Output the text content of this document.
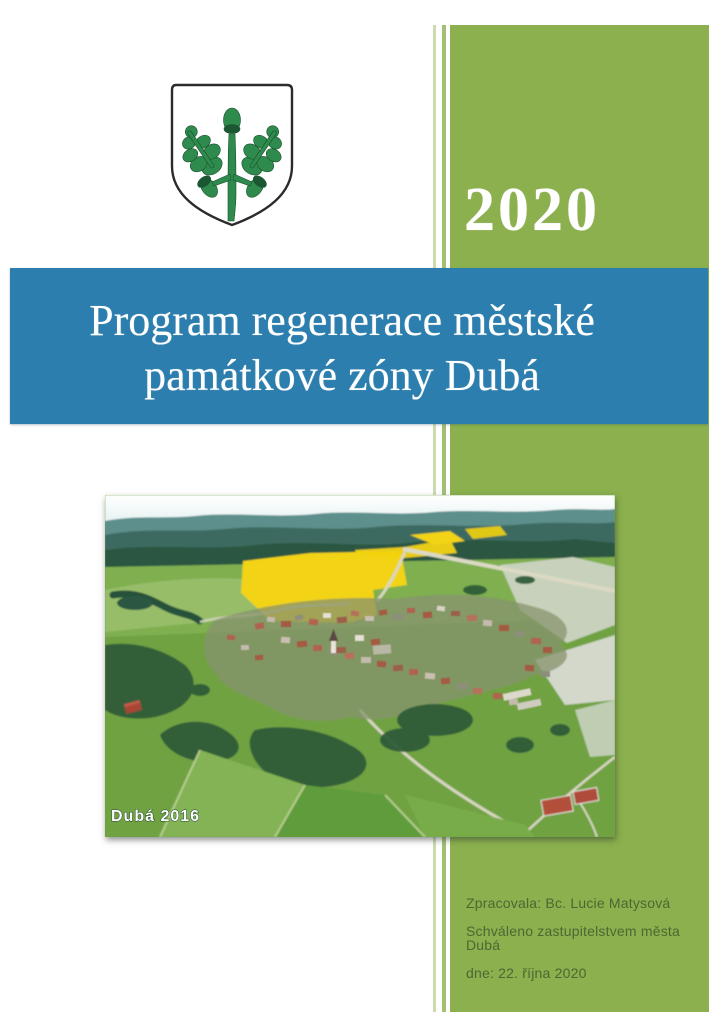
2020
Program regenerace městské
památkové zóny Dubá
Dubá 2016

Zpracovala: Bc. Lucie Matysová

Schváleno zastupitelstvem města Dubá

dne: 22. října 2020
